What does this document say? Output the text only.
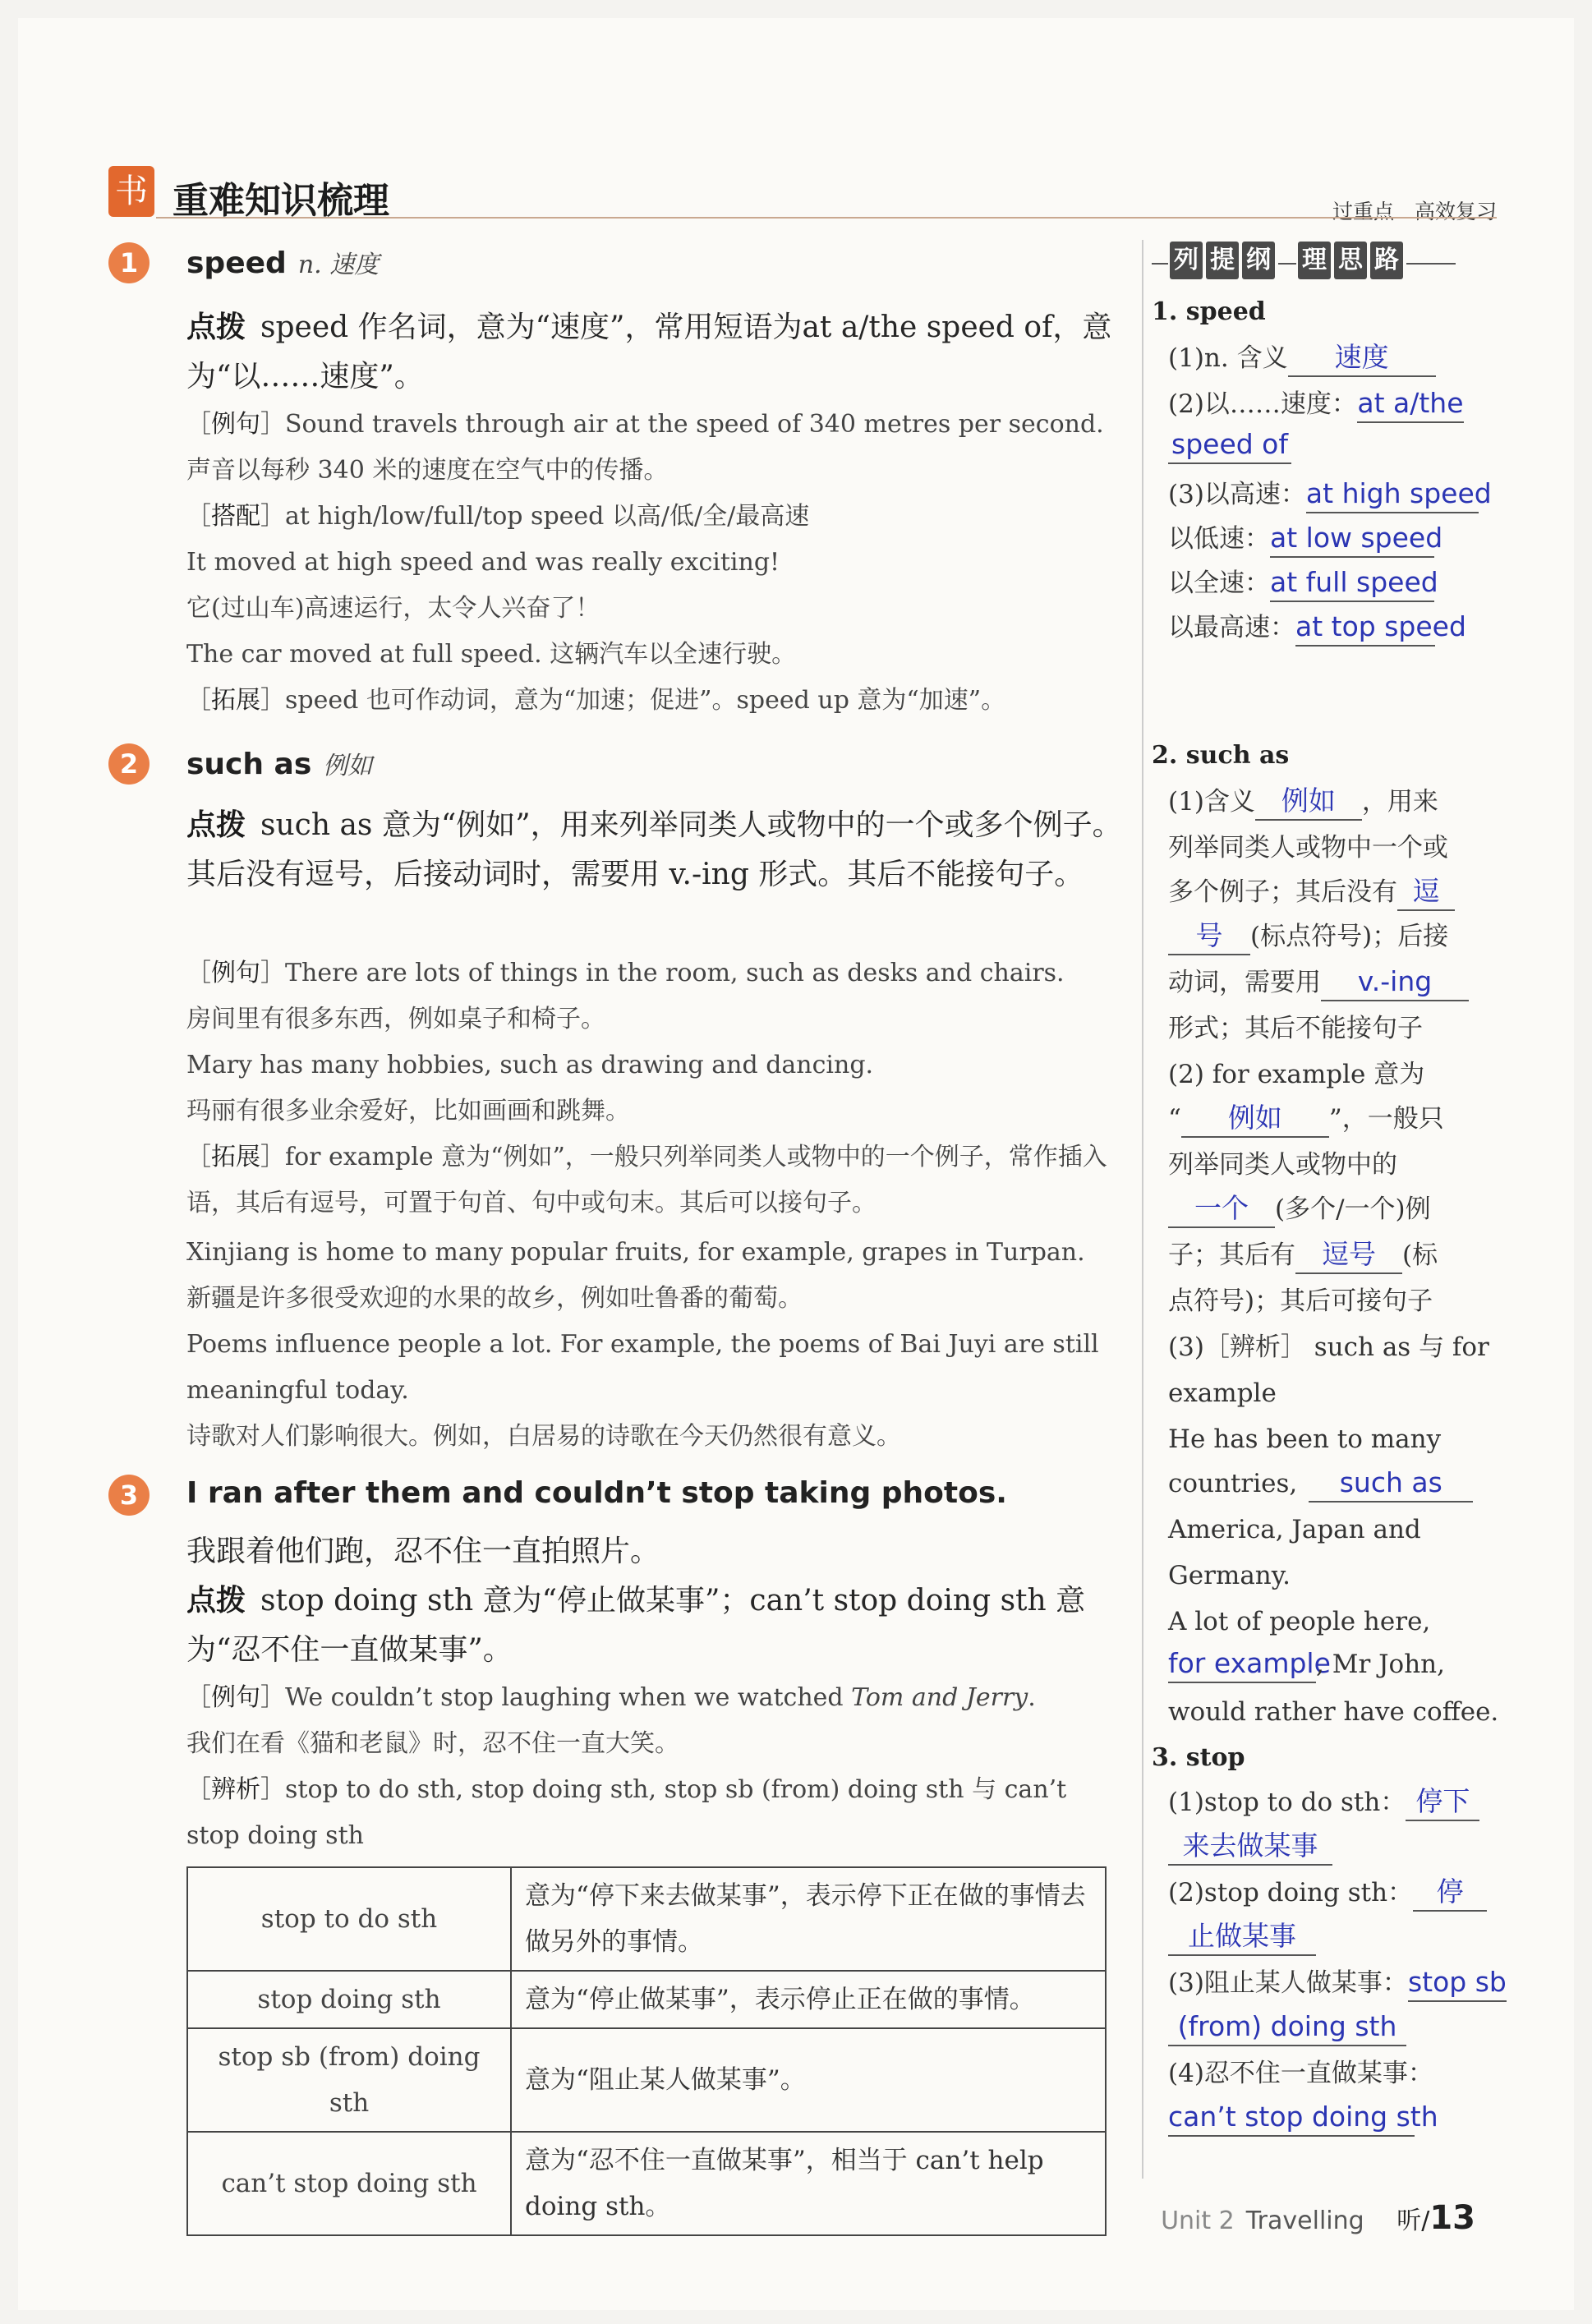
书 重难知识梳理	过重点　高效复习
1	speed n. 速度
点拨 speed 作名词，意为“速度”，常用短语为at a/the speed of，意为“以……速度”。
［例句］Sound travels through air at the speed of 340 metres per second.
声音以每秒 340 米的速度在空气中的传播。
［搭配］at high/low/full/top speed 以高/低/全/最高速
It moved at high speed and was really exciting!
它(过山车)高速运行，太令人兴奋了！
The car moved at full speed. 这辆汽车以全速行驶。
［拓展］speed 也可作动词，意为“加速；促进”。speed up 意为“加速”。
2	such as 例如
点拨 such as 意为“例如”，用来列举同类人或物中的一个或多个例子。其后没有逗号，后接动词时，需要用 v.-ing 形式。其后不能接句子。
［例句］There are lots of things in the room, such as desks and chairs.
房间里有很多东西，例如桌子和椅子。
Mary has many hobbies, such as drawing and dancing.
玛丽有很多业余爱好，比如画画和跳舞。
［拓展］for example 意为“例如”，一般只列举同类人或物中的一个例子，常作插入语，其后有逗号，可置于句首、句中或句末。其后可以接句子。
Xinjiang is home to many popular fruits, for example, grapes in Turpan.
新疆是许多很受欢迎的水果的故乡，例如吐鲁番的葡萄。
Poems influence people a lot. For example, the poems of Bai Juyi are still
meaningful today.
诗歌对人们影响很大。例如，白居易的诗歌在今天仍然很有意义。
3	I ran after them and couldn’t stop taking photos.
我跟着他们跑，忍不住一直拍照片。
点拨 stop doing sth 意为“停止做某事”；can’t stop doing sth 意为“忍不住一直做某事”。
［例句］We couldn’t stop laughing when we watched Tom and Jerry.
我们在看《猫和老鼠》时，忍不住一直大笑。
［辨析］stop to do sth, stop doing sth, stop sb (from) doing sth 与 can’t
stop doing sth
stop to do sth	意为“停下来去做某事”，表示停下正在做的事情去做另外的事情。
stop doing sth	意为“停止做某事”，表示停止正在做的事情。
stop sb (from) doing sth	意为“阻止某人做某事”。
can’t stop doing sth	意为“忍不住一直做某事”，相当于 can’t help doing sth。
列 提 纲 理 思 路
1. speed
(1)n. 含义 速度
(2)以……速度：at a/the
speed of
(3)以高速：at high speed
以低速：at low speed
以全速：at full speed
以最高速：at top speed
2. such as
(1)含义 例如 ，用来
列举同类人或物中一个或
多个例子；其后没有 逗
号 (标点符号)；后接
动词，需要用 v.-ing
形式；其后不能接句子
(2) for example 意为
“ 例如 ”，一般只
列举同类人或物中的
一个 (多个/一个)例
子；其后有 逗号 (标
点符号)；其后可接句子
(3)［辨析］ such as 与 for
example
He has been to many
countries, such as
America, Japan and
Germany.
A lot of people here,
for example, Mr John,
would rather have coffee.
3. stop
(1)stop to do sth： 停下
来去做某事
(2)stop doing sth： 停
止做某事
(3)阻止某人做某事：stop sb
(from) doing sth
(4)忍不住一直做某事：
can’t stop doing sth
Unit 2 Travelling 听/13
